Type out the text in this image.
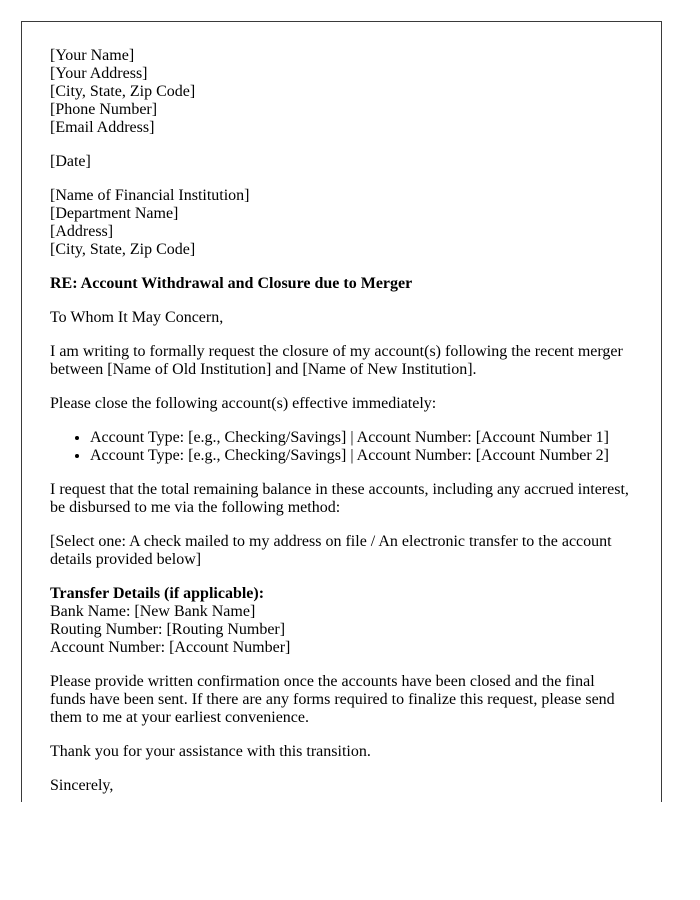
[Your Name]
[Your Address]
[City, State, Zip Code]
[Phone Number]
[Email Address]
[Date]
[Name of Financial Institution]
[Department Name]
[Address]
[City, State, Zip Code]
RE: Account Withdrawal and Closure due to Merger
To Whom It May Concern,
I am writing to formally request the closure of my account(s) following the recent merger between [Name of Old Institution] and [Name of New Institution].
Please close the following account(s) effective immediately:
• Account Type: [e.g., Checking/Savings] | Account Number: [Account Number 1]
• Account Type: [e.g., Checking/Savings] | Account Number: [Account Number 2]
I request that the total remaining balance in these accounts, including any accrued interest, be disbursed to me via the following method:
[Select one: A check mailed to my address on file / An electronic transfer to the account details provided below]
Transfer Details (if applicable):
Bank Name: [New Bank Name]
Routing Number: [Routing Number]
Account Number: [Account Number]
Please provide written confirmation once the accounts have been closed and the final funds have been sent. If there are any forms required to finalize this request, please send them to me at your earliest convenience.
Thank you for your assistance with this transition.
Sincerely,
